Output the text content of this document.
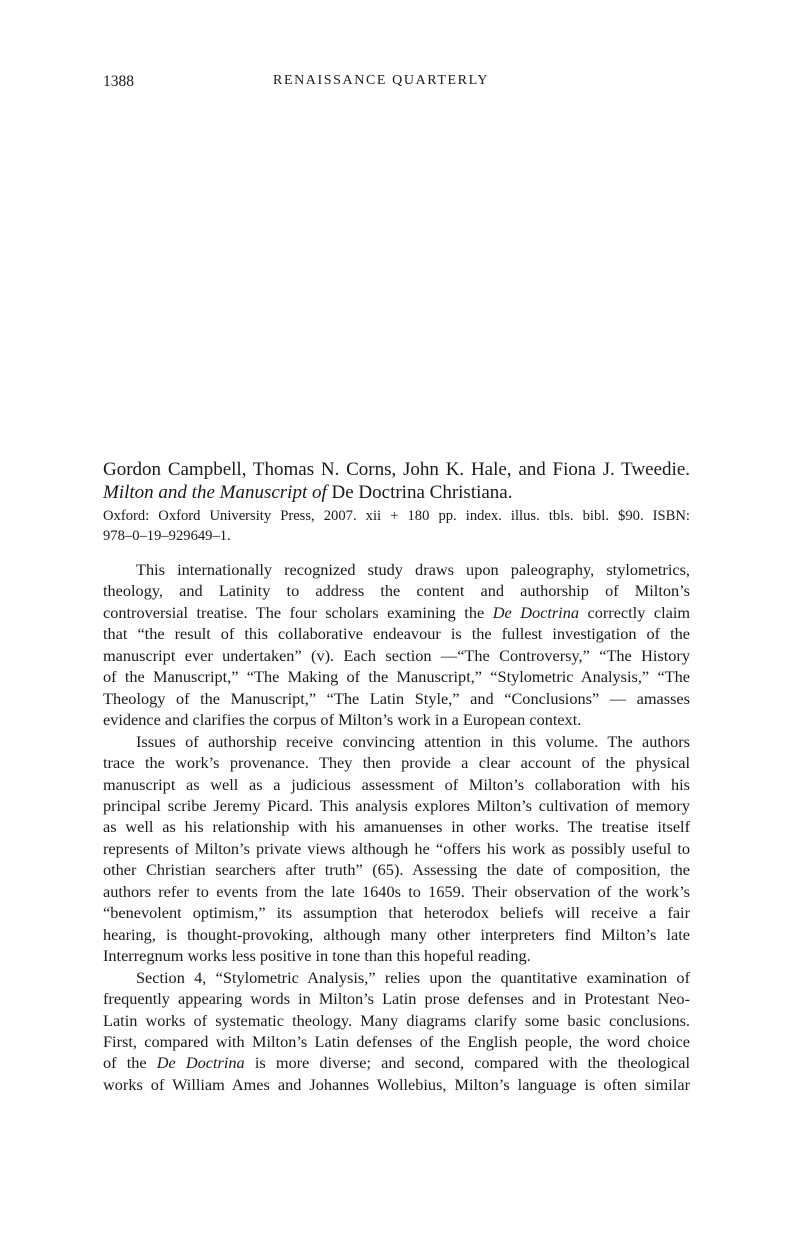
1388	RENAISSANCE QUARTERLY
Gordon Campbell, Thomas N. Corns, John K. Hale, and Fiona J. Tweedie.
Milton and the Manuscript of De Doctrina Christiana.
Oxford: Oxford University Press, 2007. xii + 180 pp. index. illus. tbls. bibl. $90. ISBN:
978–0–19–929649–1.
This internationally recognized study draws upon paleography, stylometrics,
theology, and Latinity to address the content and authorship of Milton’s
controversial treatise. The four scholars examining the De Doctrina correctly claim
that “the result of this collaborative endeavour is the fullest investigation of the
manuscript ever undertaken” (v). Each section —“The Controversy,” “The History
of the Manuscript,” “The Making of the Manuscript,” “Stylometric Analysis,” “The
Theology of the Manuscript,” “The Latin Style,” and “Conclusions” — amasses
evidence and clarifies the corpus of Milton’s work in a European context.
Issues of authorship receive convincing attention in this volume. The authors
trace the work’s provenance. They then provide a clear account of the physical
manuscript as well as a judicious assessment of Milton’s collaboration with his
principal scribe Jeremy Picard. This analysis explores Milton’s cultivation of memory
as well as his relationship with his amanuenses in other works. The treatise itself
represents of Milton’s private views although he “offers his work as possibly useful to
other Christian searchers after truth” (65). Assessing the date of composition, the
authors refer to events from the late 1640s to 1659. Their observation of the work’s
“benevolent optimism,” its assumption that heterodox beliefs will receive a fair
hearing, is thought-provoking, although many other interpreters find Milton’s late
Interregnum works less positive in tone than this hopeful reading.
Section 4, “Stylometric Analysis,” relies upon the quantitative examination of
frequently appearing words in Milton’s Latin prose defenses and in Protestant Neo-
Latin works of systematic theology. Many diagrams clarify some basic conclusions.
First, compared with Milton’s Latin defenses of the English people, the word choice
of the De Doctrina is more diverse; and second, compared with the theological
works of William Ames and Johannes Wollebius, Milton’s language is often similar
